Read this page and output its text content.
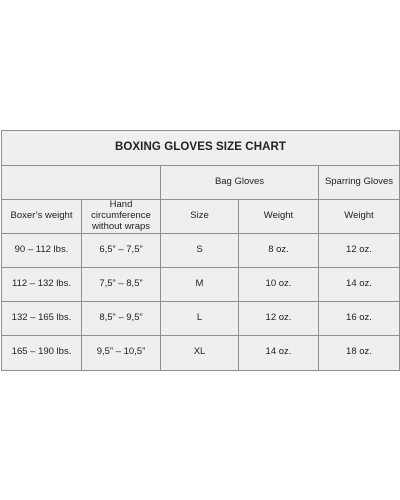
BOXING GLOVES SIZE CHART				
		Bag Gloves		Sparring Gloves
Boxer’s weight	Hand circumference without wraps	Size	Weight	Weight
90 – 112 lbs.	6,5” – 7,5”	S	8 oz.	12 oz.
112 – 132 lbs.	7,5” – 8,5”	M	10 oz.	14 oz.
132 – 165 lbs.	8,5” – 9,5”	L	12 oz.	16 oz.
165 – 190 lbs.	9,5” – 10,5”	XL	14 oz.	18 oz.
